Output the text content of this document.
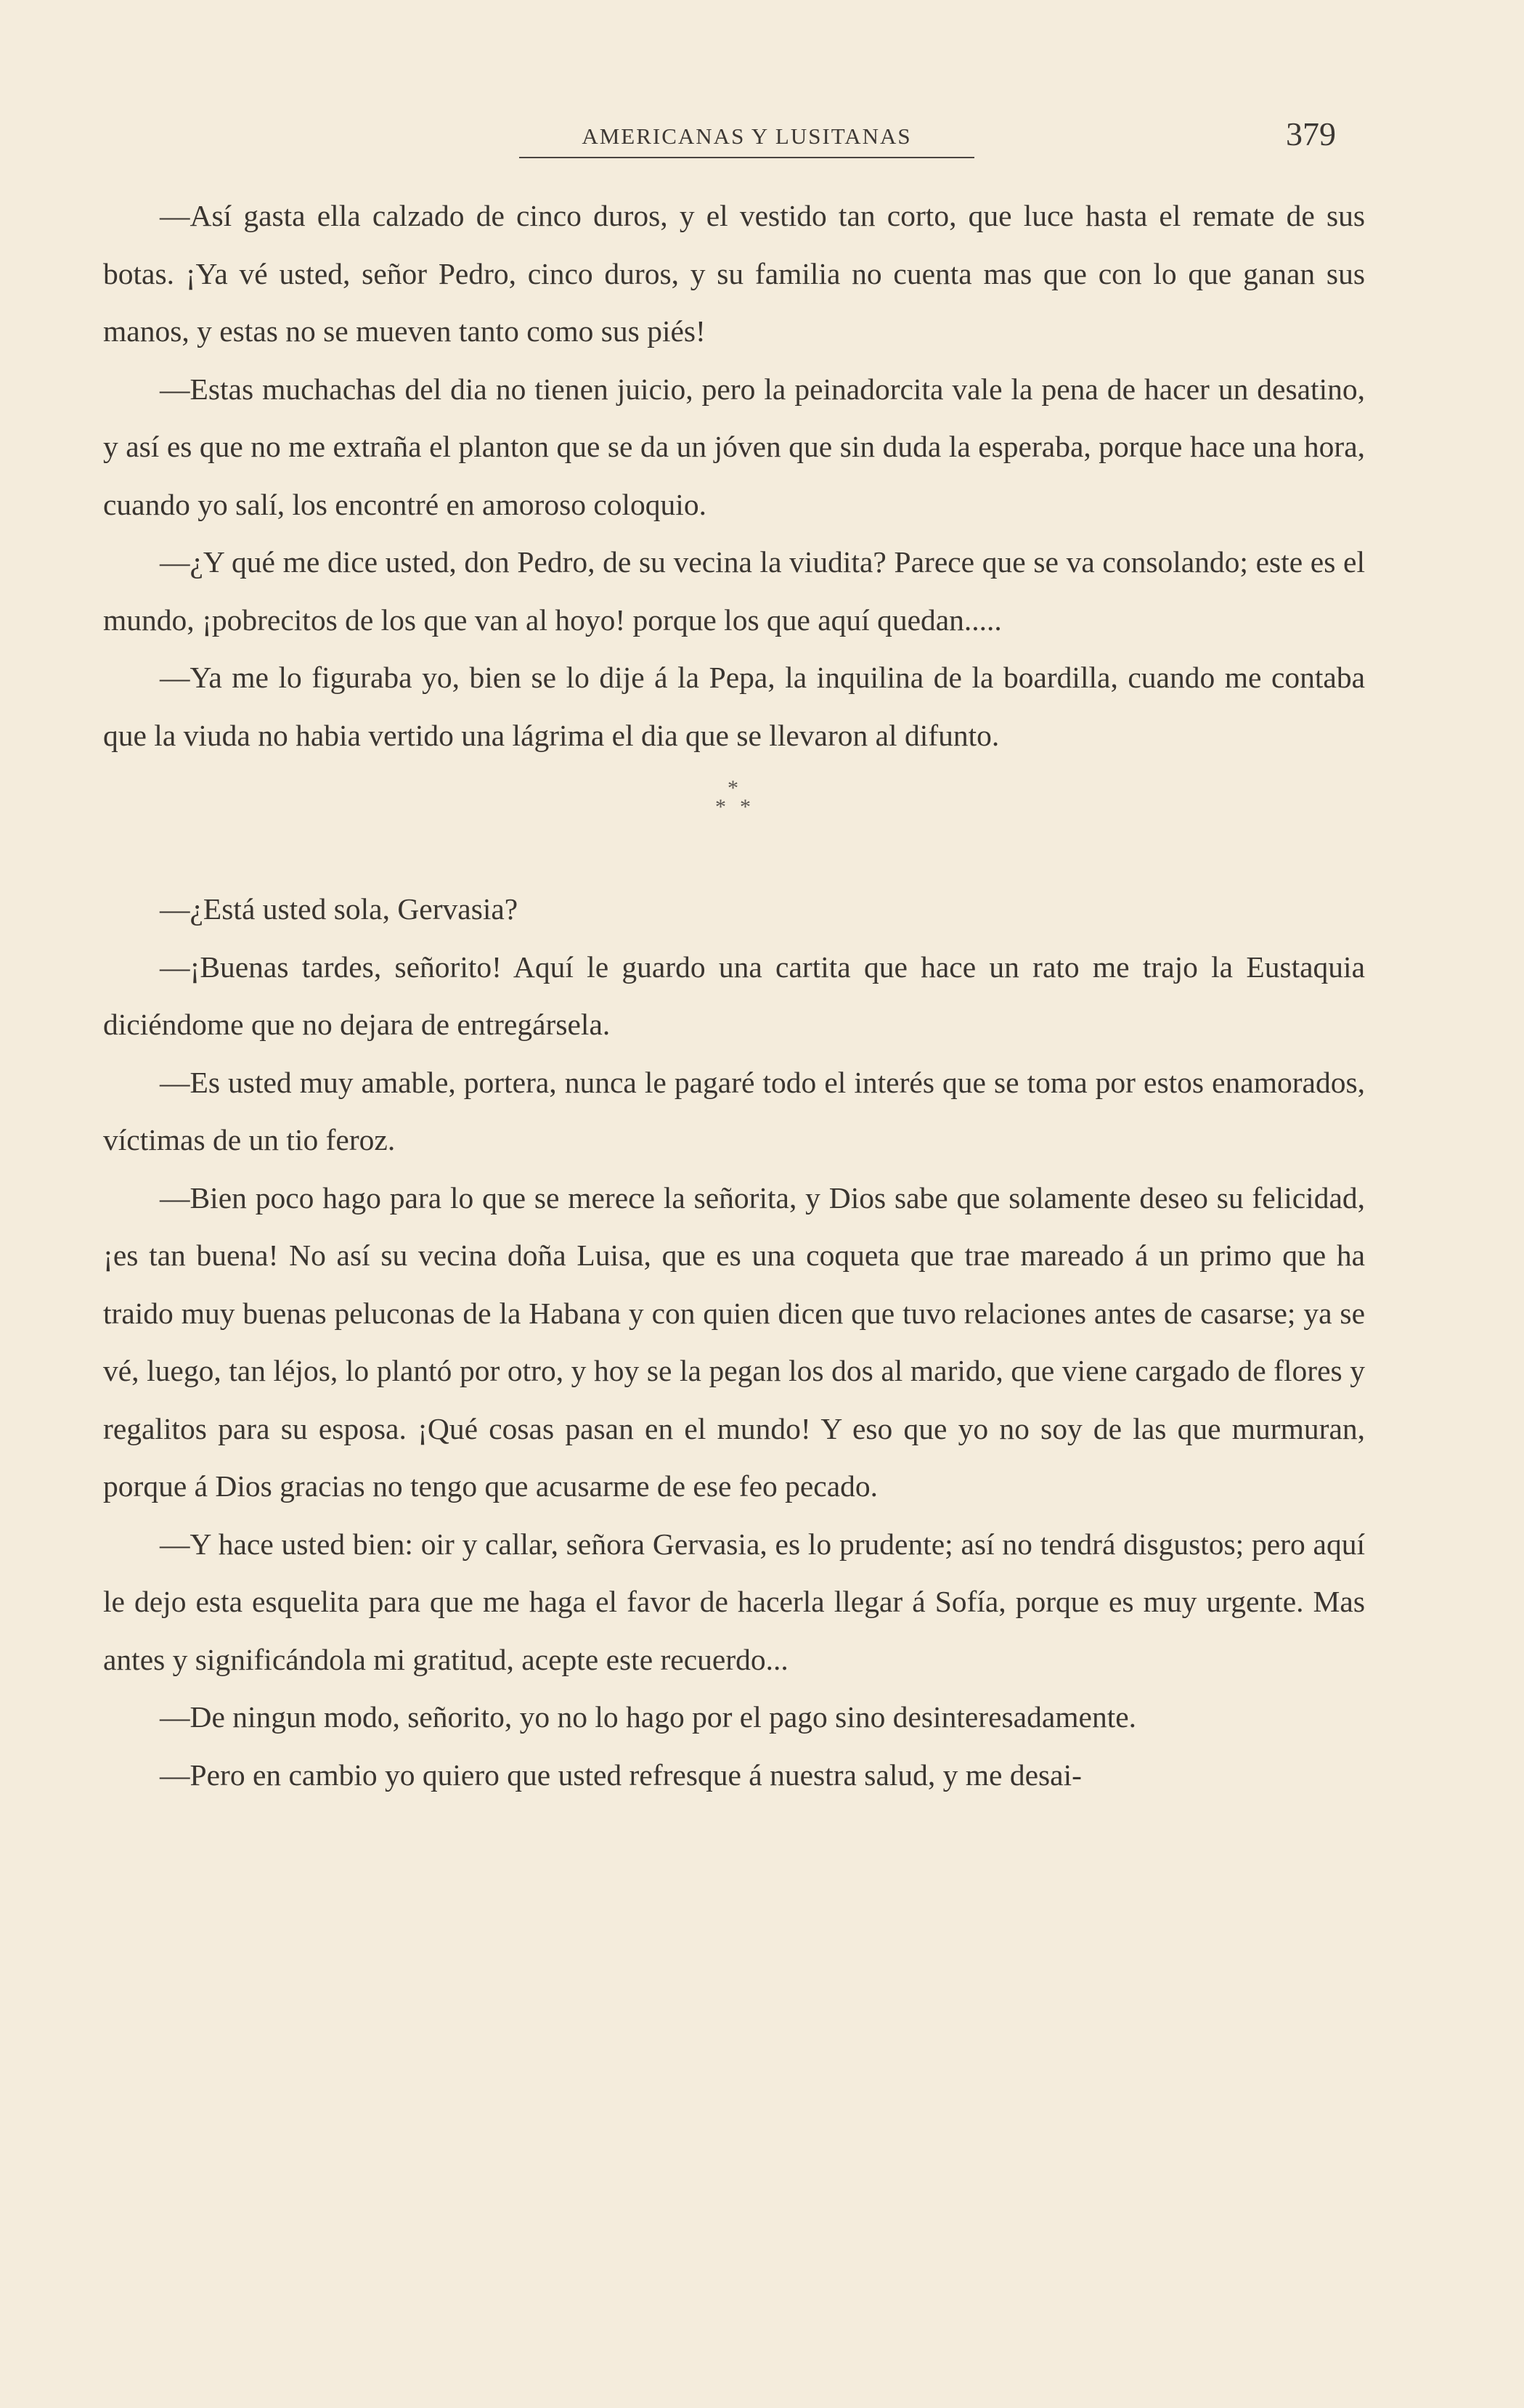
AMERICANAS Y LUSITANAS	379

—Así gasta ella calzado de cinco duros, y el vestido tan corto, que luce hasta el remate de sus botas. ¡Ya vé usted, señor Pedro, cinco duros, y su familia no cuenta mas que con lo que ganan sus manos, y estas no se mueven tanto como sus piés!

—Estas muchachas del dia no tienen juicio, pero la peinadorcita vale la pena de hacer un desatino, y así es que no me extraña el planton que se da un jóven que sin duda la esperaba, porque hace una hora, cuando yo salí, los encontré en amoroso coloquio.

—¿Y qué me dice usted, don Pedro, de su vecina la viudita? Parece que se va consolando; este es el mundo, ¡pobrecitos de los que van al hoyo! porque los que aquí quedan.....

—Ya me lo figuraba yo, bien se lo dije á la Pepa, la inquilina de la boardilla, cuando me contaba que la viuda no habia vertido una lágrima el dia que se llevaron al difunto.

*
* *

—¿Está usted sola, Gervasia?

—¡Buenas tardes, señorito! Aquí le guardo una cartita que hace un rato me trajo la Eustaquia diciéndome que no dejara de entregársela.

—Es usted muy amable, portera, nunca le pagaré todo el interés que se toma por estos enamorados, víctimas de un tio feroz.

—Bien poco hago para lo que se merece la señorita, y Dios sabe que solamente deseo su felicidad, ¡es tan buena! No así su vecina doña Luisa, que es una coqueta que trae mareado á un primo que ha traido muy buenas peluconas de la Habana y con quien dicen que tuvo relaciones antes de casarse; ya se vé, luego, tan léjos, lo plantó por otro, y hoy se la pegan los dos al marido, que viene cargado de flores y regalitos para su esposa. ¡Qué cosas pasan en el mundo! Y eso que yo no soy de las que murmuran, porque á Dios gracias no tengo que acusarme de ese feo pecado.

—Y hace usted bien: oir y callar, señora Gervasia, es lo prudente; así no tendrá disgustos; pero aquí le dejo esta esquelita para que me haga el favor de hacerla llegar á Sofía, porque es muy urgente. Mas antes y significándola mi gratitud, acepte este recuerdo...

—De ningun modo, señorito, yo no lo hago por el pago sino desinteresadamente.

—Pero en cambio yo quiero que usted refresque á nuestra salud, y me desai-
